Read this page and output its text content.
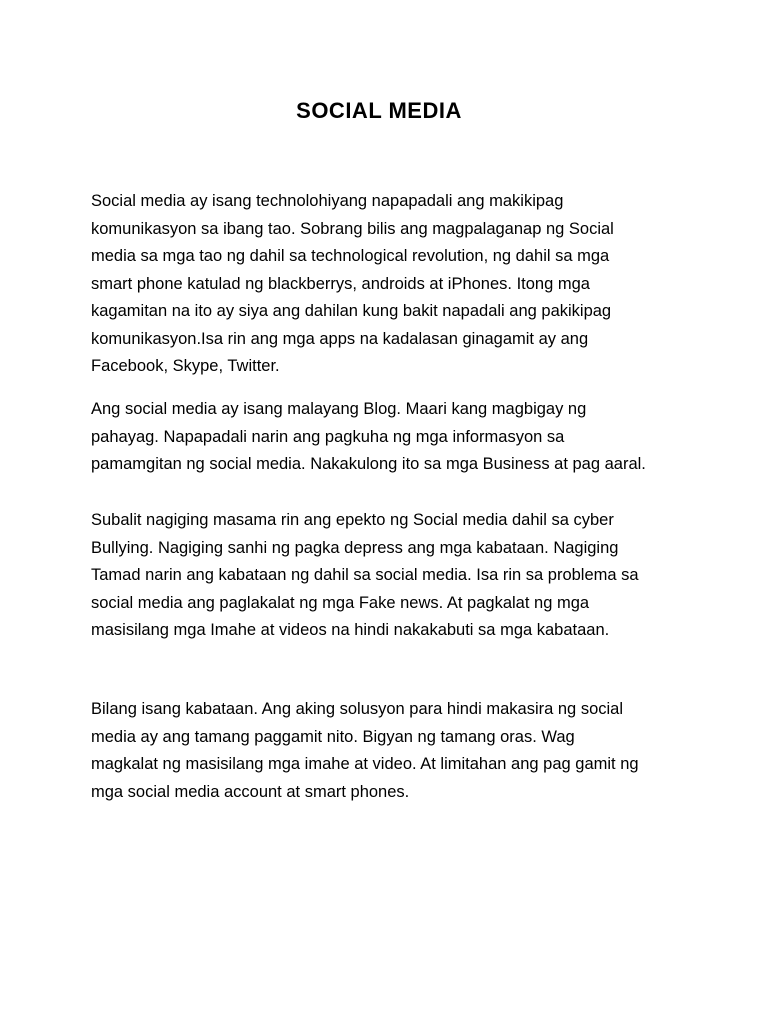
SOCIAL MEDIA

Social media ay isang technolohiyang napapadali ang makikipag
komunikasyon sa ibang tao. Sobrang bilis ang magpalaganap ng Social
media sa mga tao ng dahil sa technological revolution, ng dahil sa mga
smart phone katulad ng blackberrys, androids at iPhones. Itong mga
kagamitan na ito ay siya ang dahilan kung bakit napadali ang pakikipag
komunikasyon.Isa rin ang mga apps na kadalasan ginagamit ay ang
Facebook, Skype, Twitter.

Ang social media ay isang malayang Blog. Maari kang magbigay ng
pahayag. Napapadali narin ang pagkuha ng mga informasyon sa
pamamgitan ng social media. Nakakulong ito sa mga Business at pag aaral.

Subalit nagiging masama rin ang epekto ng Social media dahil sa cyber
Bullying. Nagiging sanhi ng pagka depress ang mga kabataan. Nagiging
Tamad narin ang kabataan ng dahil sa social media. Isa rin sa problema sa
social media ang paglakalat ng mga Fake news. At pagkalat ng mga
masisilang mga Imahe at videos na hindi nakakabuti sa mga kabataan.

Bilang isang kabataan. Ang aking solusyon para hindi makasira ng social
media ay ang tamang paggamit nito. Bigyan ng tamang oras. Wag
magkalat ng masisilang mga imahe at video. At limitahan ang pag gamit ng
mga social media account at smart phones.
